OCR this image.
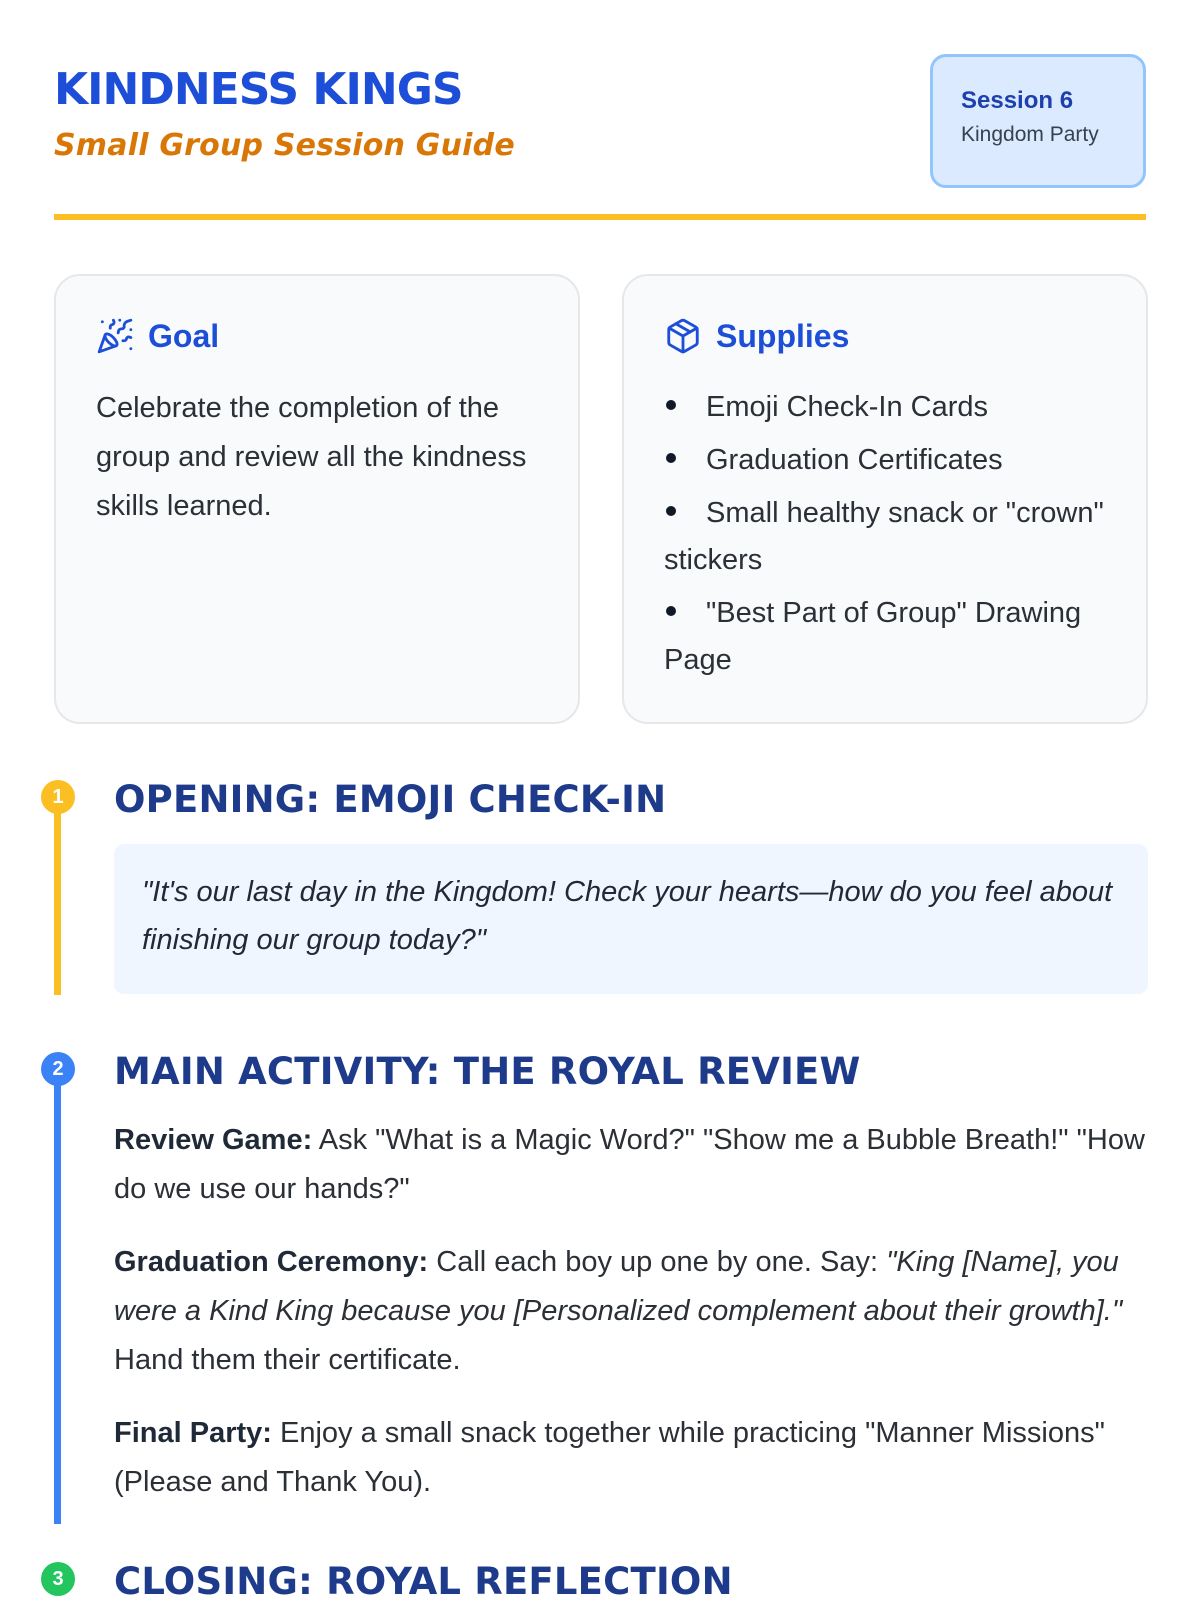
KINDNESS KINGS
Small Group Session Guide
Session 6
Kingdom Party
Goal

Celebrate the completion of the group and review all the kindness skills learned.

Supplies
Emoji Check-In Cards
Graduation Certificates
Small healthy snack or "crown" stickers
"Best Part of Group" Drawing Page
1	OPENING: EMOJI CHECK-IN
"It's our last day in the Kingdom! Check your hearts—how do you feel about finishing our group today?"
2	MAIN ACTIVITY: THE ROYAL REVIEW

Review Game: Ask "What is a Magic Word?" "Show me a Bubble Breath!" "How do we use our hands?"

Graduation Ceremony: Call each boy up one by one. Say: "King [Name], you were a Kind King because you [Personalized complement about their growth]." Hand them their certificate.

Final Party: Enjoy a small snack together while practicing "Manner Missions" (Please and Thank You).

3	CLOSING: ROYAL REFLECTION
